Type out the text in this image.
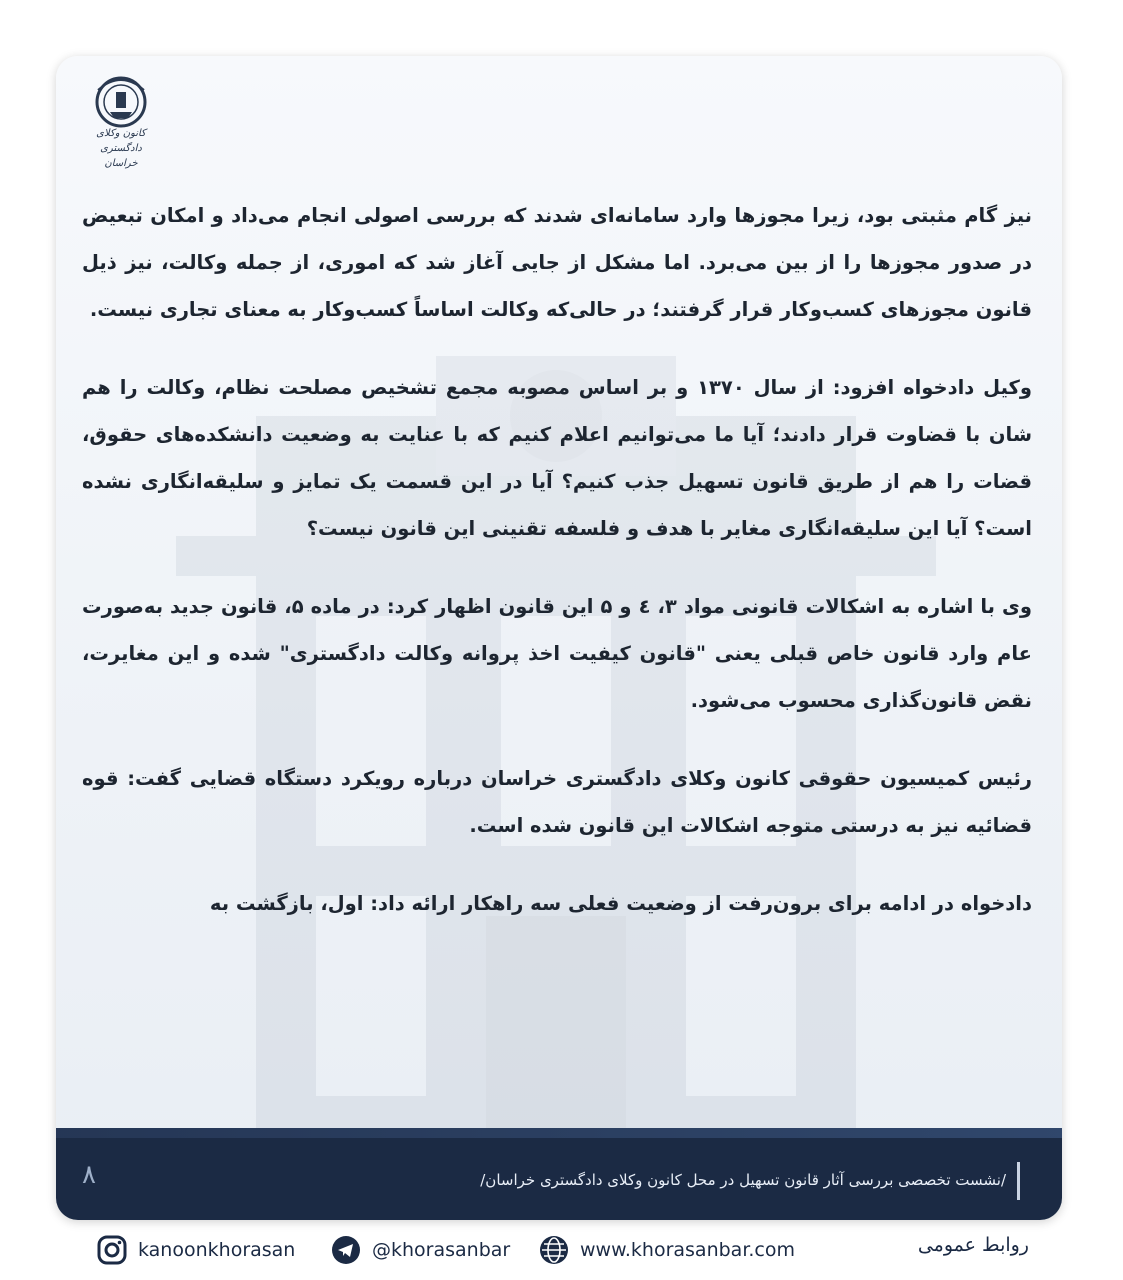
کانون وکلای دادگستری
خراسان

نیز گام مثبتی بود، زیرا مجوزها وارد سامانه‌ای شدند که بررسی اصولی انجام می‌داد و امکان تبعیض در صدور مجوزها را از بین می‌برد. اما مشکل از جایی آغاز شد که اموری، از جمله وکالت، نیز ذیل قانون مجوزهای کسب‌وکار قرار گرفتند؛ در حالی‌که وکالت اساساً کسب‌وکار به معنای تجاری نیست.

وکیل دادخواه افزود: از سال ۱۳۷۰ و بر اساس مصوبه مجمع تشخیص مصلحت نظام، وکالت را هم شان با قضاوت قرار دادند؛ آیا ما می‌توانیم اعلام کنیم که با عنایت به وضعیت دانشکده‌های حقوق، قضات را هم از طریق قانون تسهیل جذب کنیم؟ آیا در این قسمت یک تمایز و سلیقه‌انگاری نشده است؟ آیا این سلیقه‌انگاری مغایر با هدف و فلسفه تقنینی این قانون نیست؟

وی با اشاره به اشکالات قانونی مواد ۳، ٤ و ۵ این قانون اظهار کرد: در ماده ۵، قانون جدید به‌صورت عام وارد قانون خاص قبلی یعنی "قانون کیفیت اخذ پروانه وکالت دادگستری" شده و این مغایرت، نقض قانون‌گذاری محسوب می‌شود.

رئیس کمیسیون حقوقی کانون وکلای دادگستری خراسان درباره رویکرد دستگاه قضایی گفت: قوه قضائیه نیز به درستی متوجه اشکالات این قانون شده است.

دادخواه در ادامه برای برون‌رفت از وضعیت فعلی سه راهکار ارائه داد: اول، بازگشت به

/نشست تخصصی بررسی آثار قانون تسهیل در محل کانون وکلای دادگستری خراسان/
۸
kanoonkhorasan	@khorasanbar	www.khorasanbar.com	روابط عمومی
